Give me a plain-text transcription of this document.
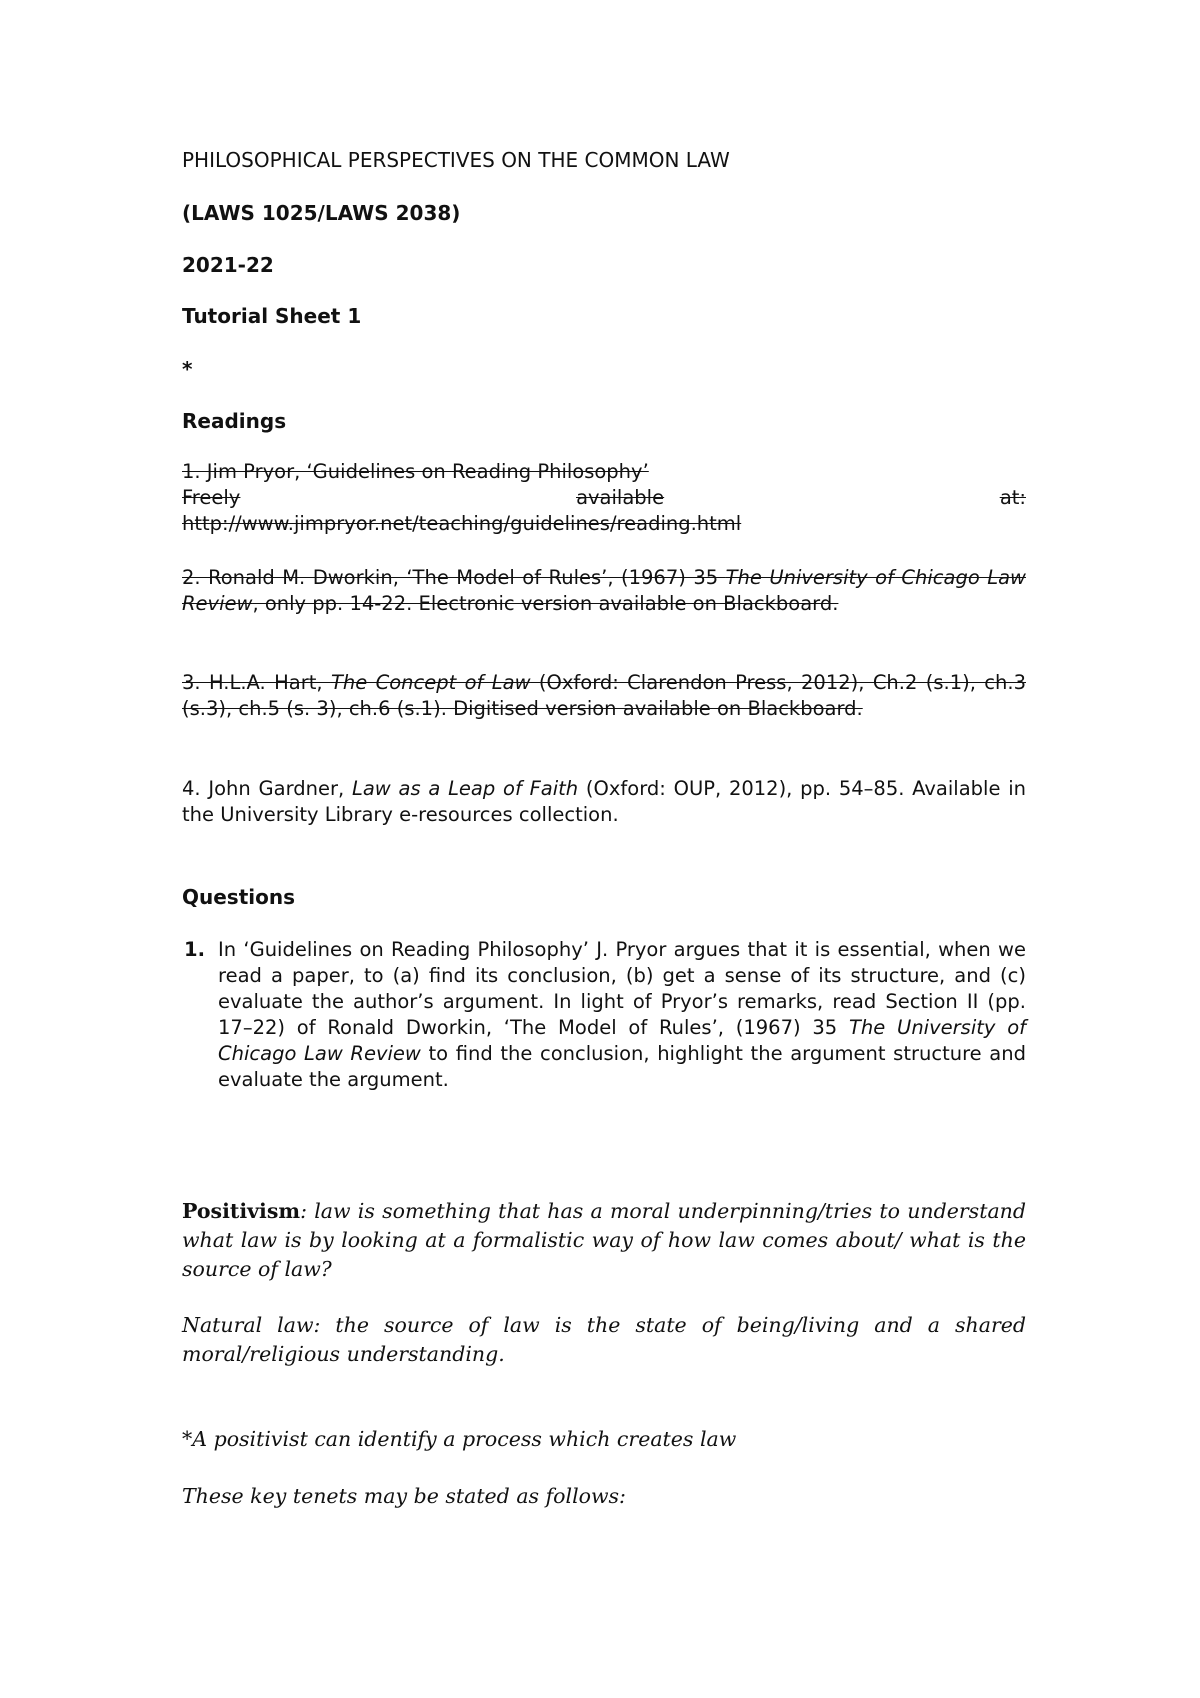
PHILOSOPHICAL PERSPECTIVES ON THE COMMON LAW
(LAWS 1025/LAWS 2038)
2021-22
Tutorial Sheet 1
*
Readings
1. Jim Pryor, ‘Guidelines on Reading Philosophy’
Freely	available	at:
http://www.jimpryor.net/teaching/guidelines/reading.html
2. Ronald M. Dworkin, ‘The Model of Rules’, (1967) 35 The University of Chicago Law Review, only pp. 14-22. Electronic version available on Blackboard.
3. H.L.A. Hart, The Concept of Law (Oxford: Clarendon Press, 2012), Ch.2 (s.1), ch.3 (s.3), ch.5 (s. 3), ch.6 (s.1). Digitised version available on Blackboard.
4. John Gardner, Law as a Leap of Faith (Oxford: OUP, 2012), pp. 54–85. Available in the University Library e-resources collection.
Questions
1. In ‘Guidelines on Reading Philosophy’ J. Pryor argues that it is essential, when we read a paper, to (a) find its conclusion, (b) get a sense of its structure, and (c) evaluate the author’s argument. In light of Pryor’s remarks, read Section II (pp. 17–22) of Ronald Dworkin, ‘The Model of Rules’, (1967) 35 The University of Chicago Law Review to find the conclusion, highlight the argument structure and evaluate the argument.
Positivism: law is something that has a moral underpinning/tries to understand what law is by looking at a formalistic way of how law comes about/ what is the source of law?
Natural law: the source of law is the state of being/living and a shared moral/religious understanding.
*A positivist can identify a process which creates law
These key tenets may be stated as follows:
